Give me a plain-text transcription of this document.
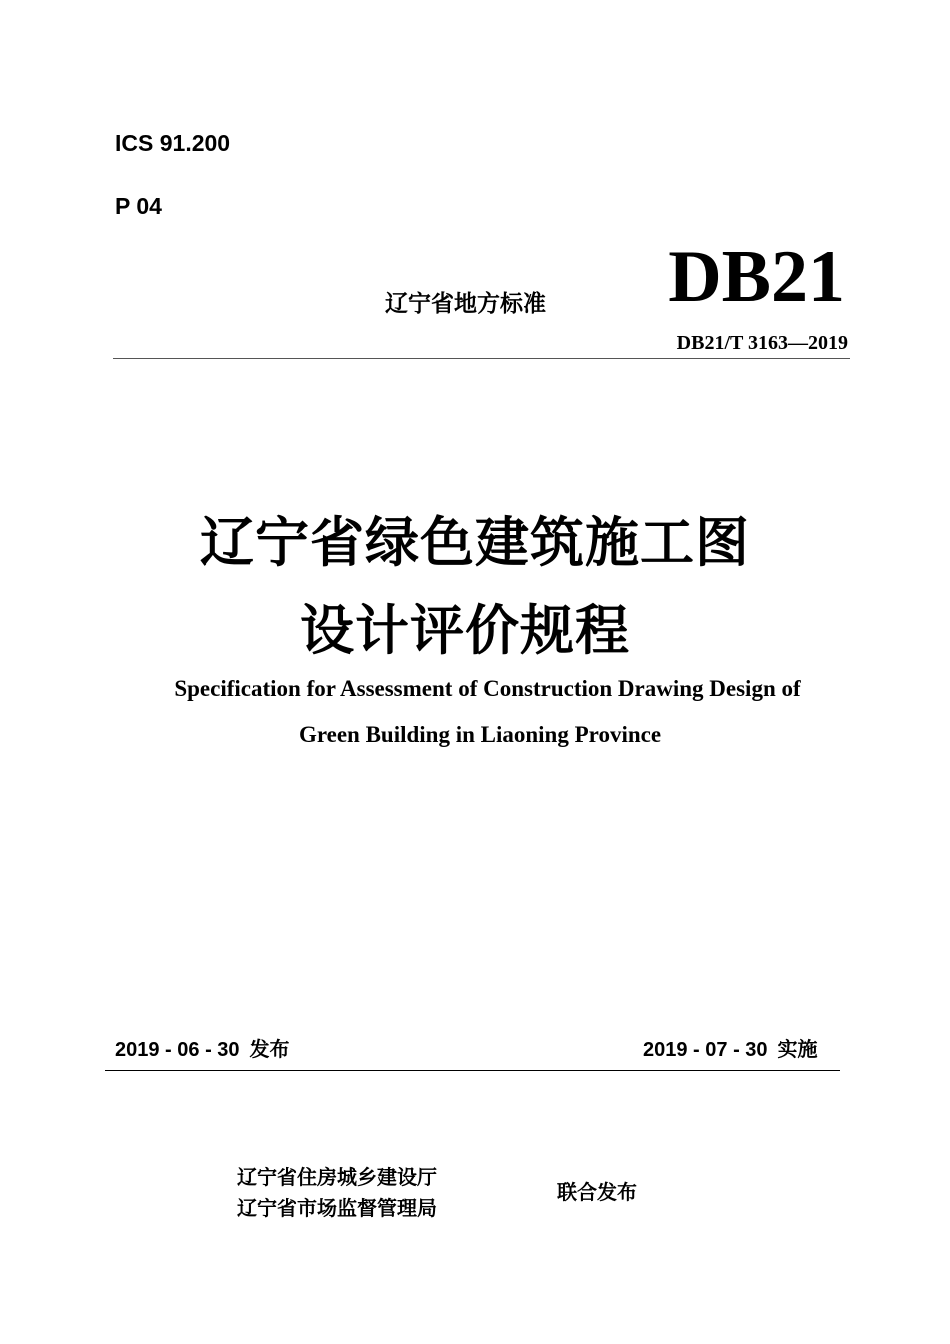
ICS 91.200
P 04
辽宁省地方标准 DB21
DB21/T 3163—2019
辽宁省绿色建筑施工图
设计评价规程
Specification for Assessment of Construction Drawing Design of
Green Building in Liaoning Province
2019 - 06 - 30 发布	2019 - 07 - 30 实施
辽宁省住房城乡建设厅
辽宁省市场监督管理局
联合发布
